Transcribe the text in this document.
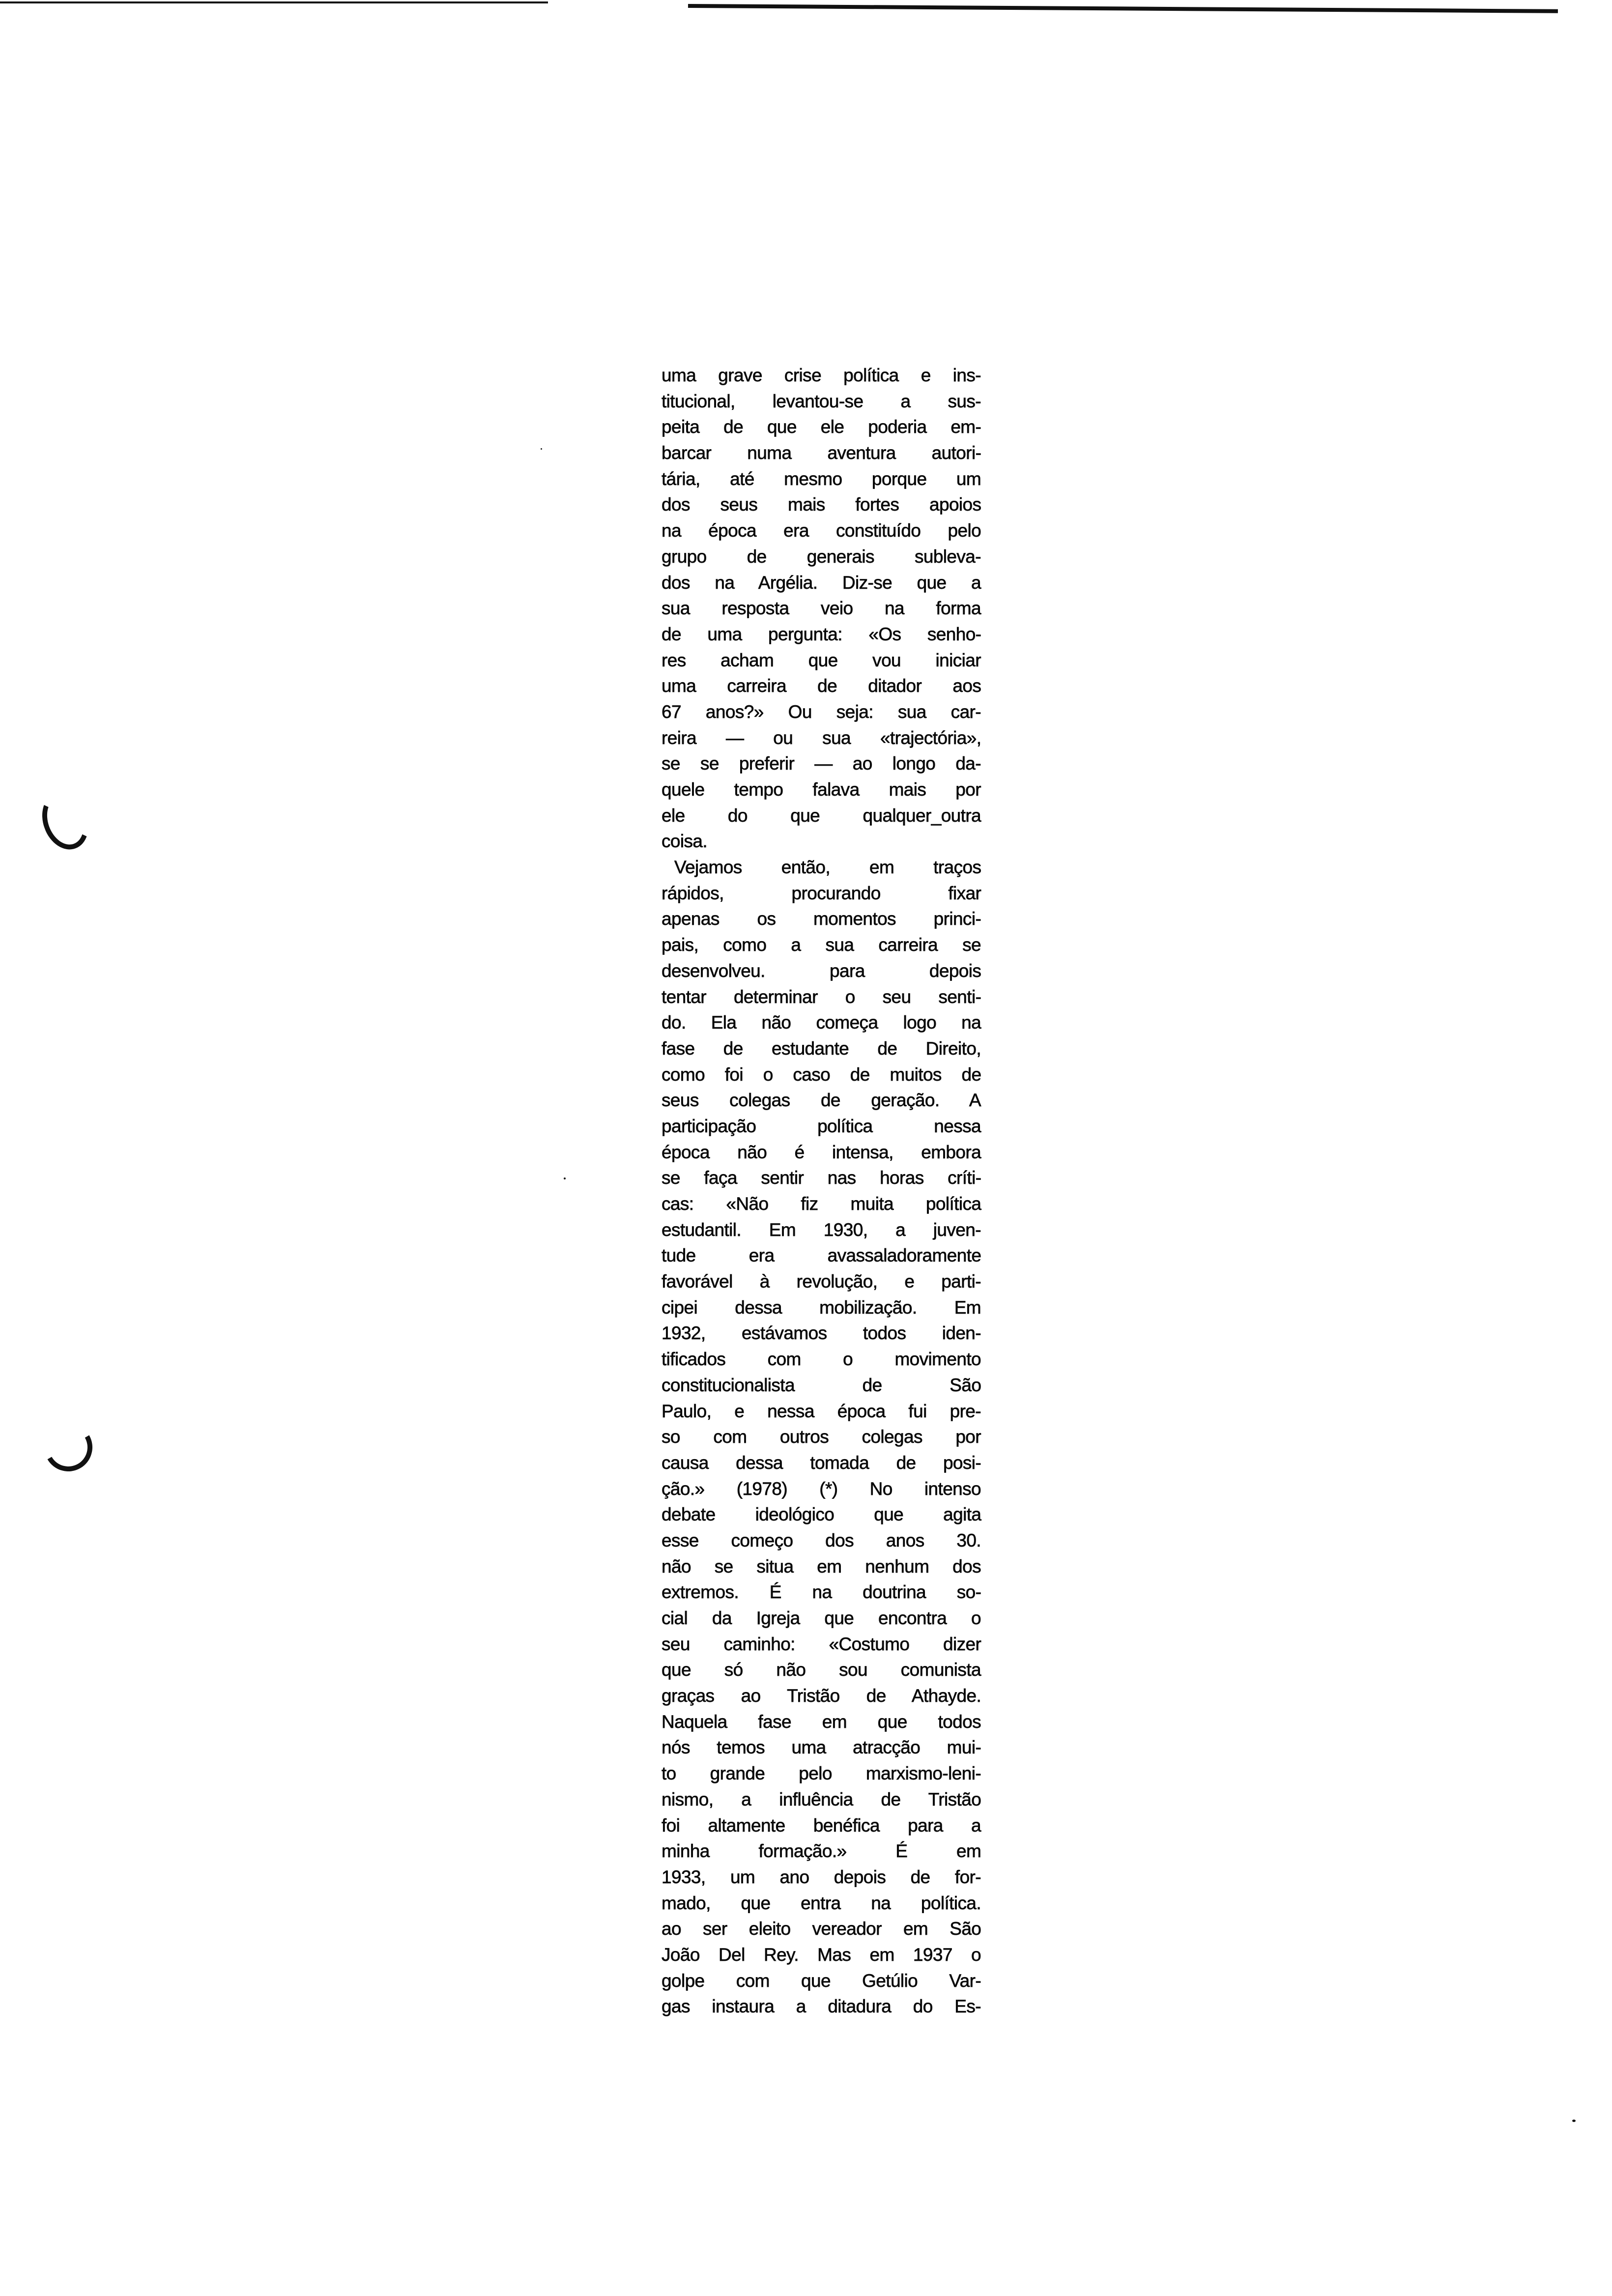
uma grave crise política e ins-
titucional, levantou-se a sus-
peita de que ele poderia em-
barcar numa aventura autori-
tária, até mesmo porque um
dos seus mais fortes apoios
na época era constituído pelo
grupo de generais subleva-
dos na Argélia. Diz-se que a
sua resposta veio na forma
de uma pergunta: «Os senho-
res acham que vou iniciar
uma carreira de ditador aos
67 anos?» Ou seja: sua car-
reira — ou sua «trajectória»,
se se preferir — ao longo da-
quele tempo falava mais por
ele do que qualquer_outra
coisa.
Vejamos então, em traços
rápidos, procurando fixar
apenas os momentos princi-
pais, como a sua carreira se
desenvolveu. para depois
tentar determinar o seu senti-
do. Ela não começa logo na
fase de estudante de Direito,
como foi o caso de muitos de
seus colegas de geração. A
participação política nessa
época não é intensa, embora
se faça sentir nas horas críti-
cas: «Não fiz muita política
estudantil. Em 1930, a juven-
tude era avassaladoramente
favorável à revolução, e parti-
cipei dessa mobilização. Em
1932, estávamos todos iden-
tificados com o movimento
constitucionalista de São
Paulo, e nessa época fui pre-
so com outros colegas por
causa dessa tomada de posi-
ção.» (1978) (*) No intenso
debate ideológico que agita
esse começo dos anos 30.
não se situa em nenhum dos
extremos. É na doutrina so-
cial da Igreja que encontra o
seu caminho: «Costumo dizer
que só não sou comunista
graças ao Tristão de Athayde.
Naquela fase em que todos
nós temos uma atracção mui-
to grande pelo marxismo-leni-
nismo, a influência de Tristão
foi altamente benéfica para a
minha formação.» É em
1933, um ano depois de for-
mado, que entra na política.
ao ser eleito vereador em São
João Del Rey. Mas em 1937 o
golpe com que Getúlio Var-
gas instaura a ditadura do Es-
